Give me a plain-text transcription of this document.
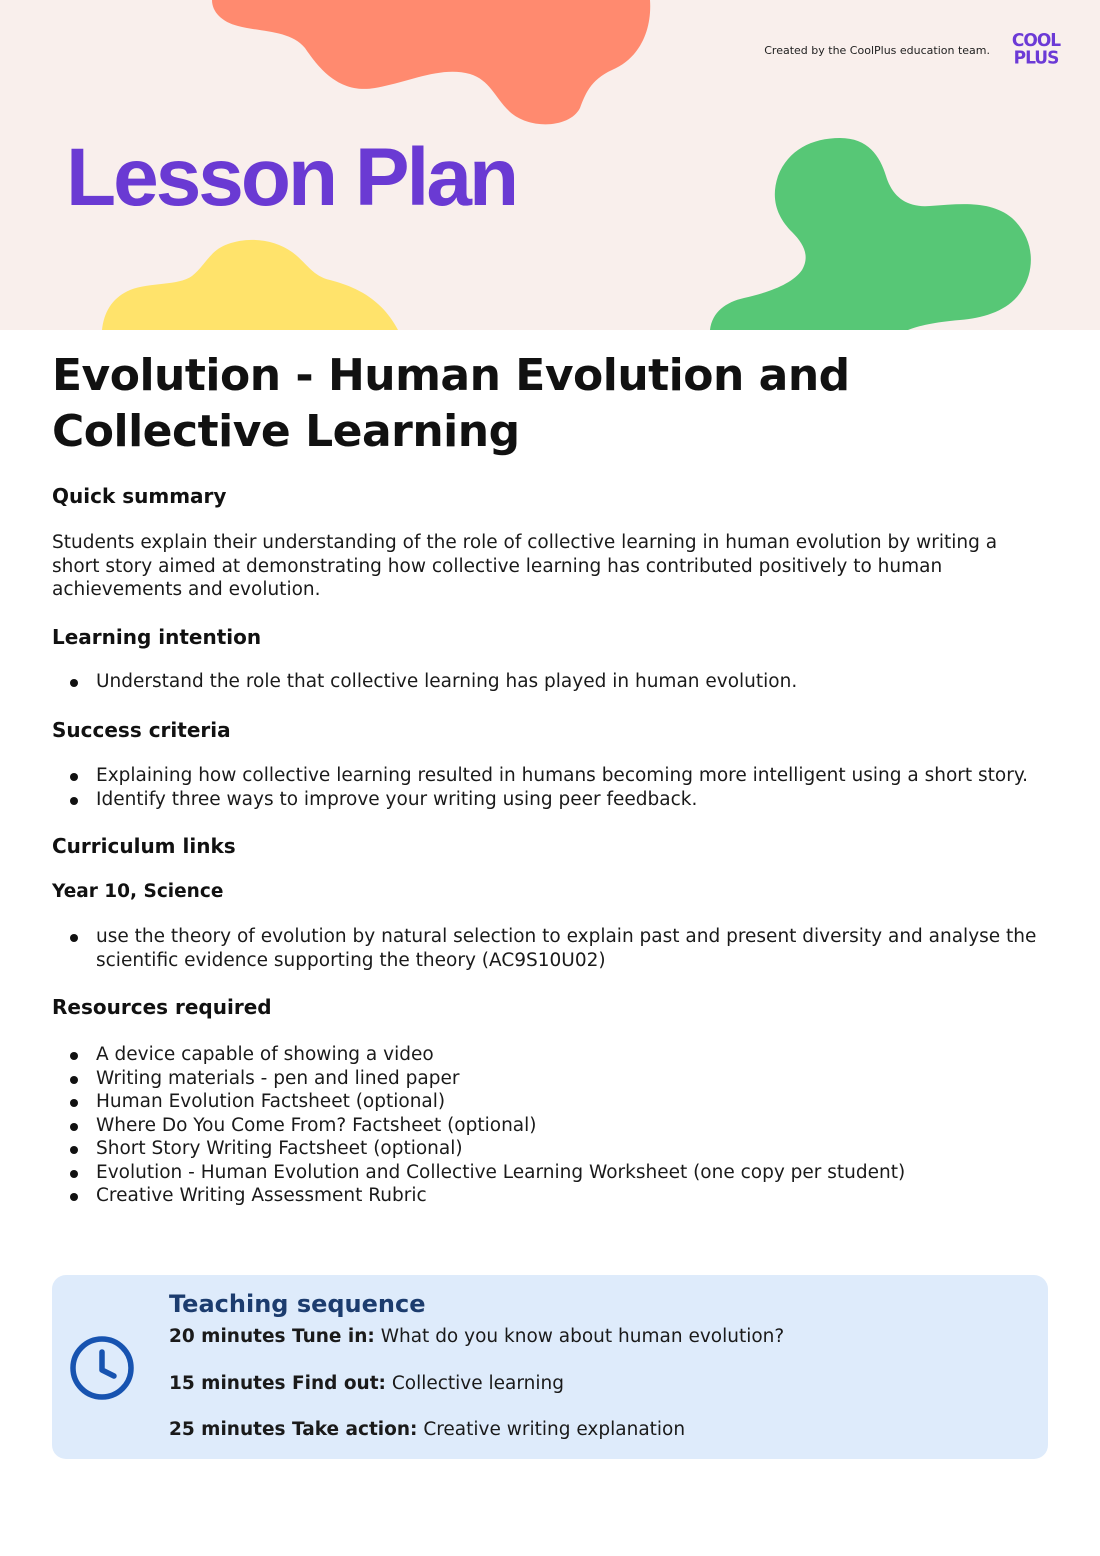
Created by the CoolPlus education team.	COOL
PLUS
Lesson Plan
Evolution - Human Evolution and
Collective Learning
Quick summary

Students explain their understanding of the role of collective learning in human evolution by writing a

short story aimed at demonstrating how collective learning has contributed positively to human

achievements and evolution.

Learning intention
Understand the role that collective learning has played in human evolution.
Success criteria
Explaining how collective learning resulted in humans becoming more intelligent using a short story.
Identify three ways to improve your writing using peer feedback.
Curriculum links
Year 10, Science
use the theory of evolution by natural selection to explain past and present diversity and analyse the
scientific evidence supporting the theory (AC9S10U02)
Resources required
A device capable of showing a video
Writing materials - pen and lined paper
Human Evolution Factsheet (optional)
Where Do You Come From? Factsheet (optional)
Short Story Writing Factsheet (optional)
Evolution - Human Evolution and Collective Learning Worksheet (one copy per student)
Creative Writing Assessment Rubric
Teaching sequence
20 minutes Tune in: What do you know about human evolution?
15 minutes Find out: Collective learning
25 minutes Take action: Creative writing explanation
